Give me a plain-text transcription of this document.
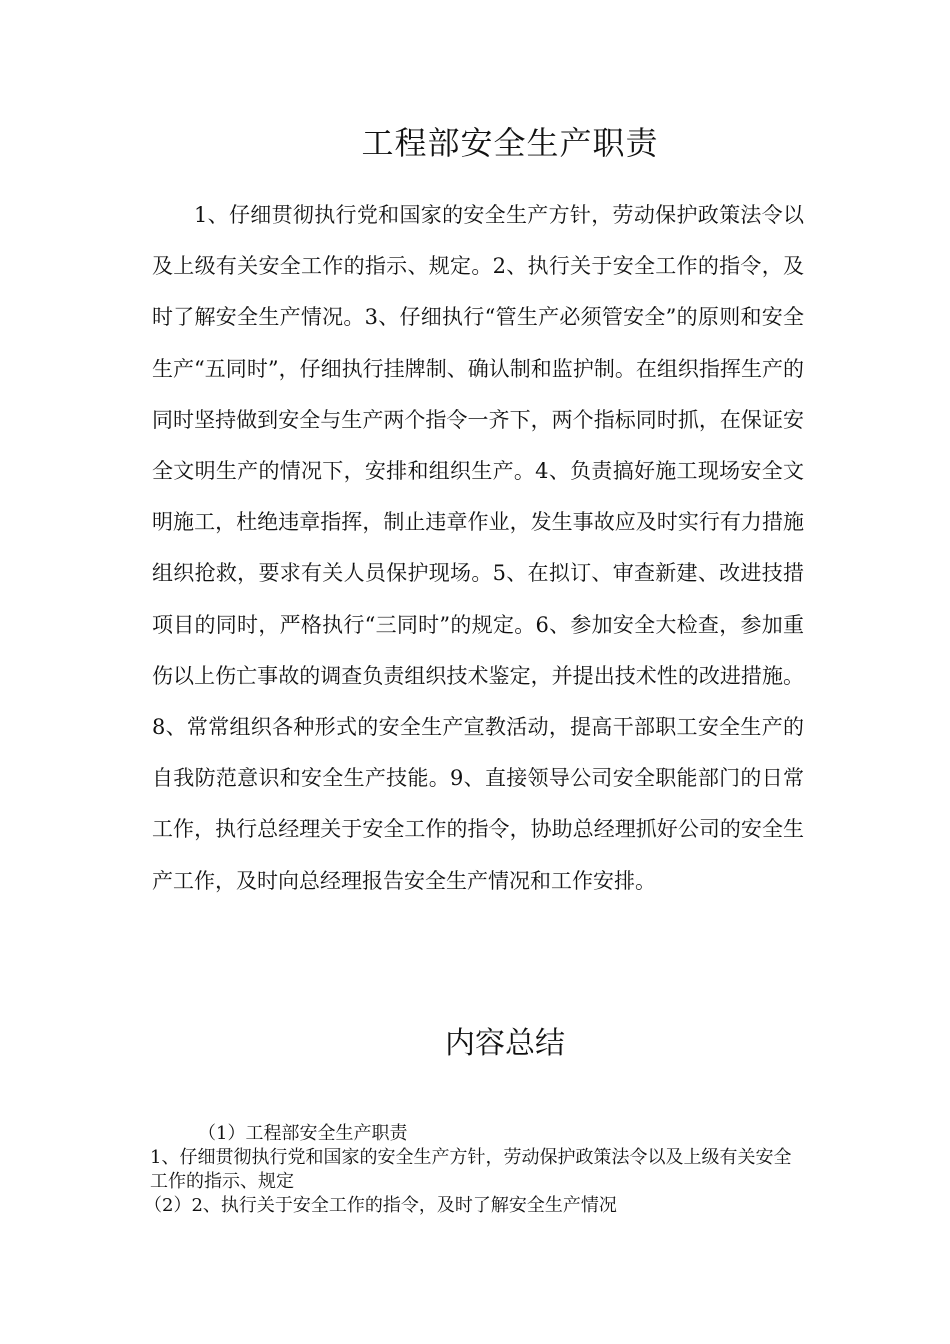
工程部安全生产职责

1、仔细贯彻执行党和国家的安全生产方针，劳动保护政策法令以及上级有关安全工作的指示、规定。2、执行关于安全工作的指令，及时了解安全生产情况。3、仔细执行“管生产必须管安全”的原则和安全生产“五同时”，仔细执行挂牌制、确认制和监护制。在组织指挥生产的同时坚持做到安全与生产两个指令一齐下，两个指标同时抓，在保证安全文明生产的情况下，安排和组织生产。4、负责搞好施工现场安全文明施工，杜绝违章指挥，制止违章作业，发生事故应及时实行有力措施组织抢救，要求有关人员保护现场。5、在拟订、审查新建、改进技措项目的同时，严格执行“三同时”的规定。6、参加安全大检查，参加重伤以上伤亡事故的调查负责组织技术鉴定，并提出技术性的改进措施。8、常常组织各种形式的安全生产宣教活动，提高干部职工安全生产的自我防范意识和安全生产技能。9、直接领导公司安全职能部门的日常工作，执行总经理关于安全工作的指令，协助总经理抓好公司的安全生产工作，及时向总经理报告安全生产情况和工作安排。

内容总结

（1）工程部安全生产职责

1、仔细贯彻执行党和国家的安全生产方针，劳动保护政策法令以及上级有关安全工作的指示、规定

（2）2、执行关于安全工作的指令，及时了解安全生产情况
